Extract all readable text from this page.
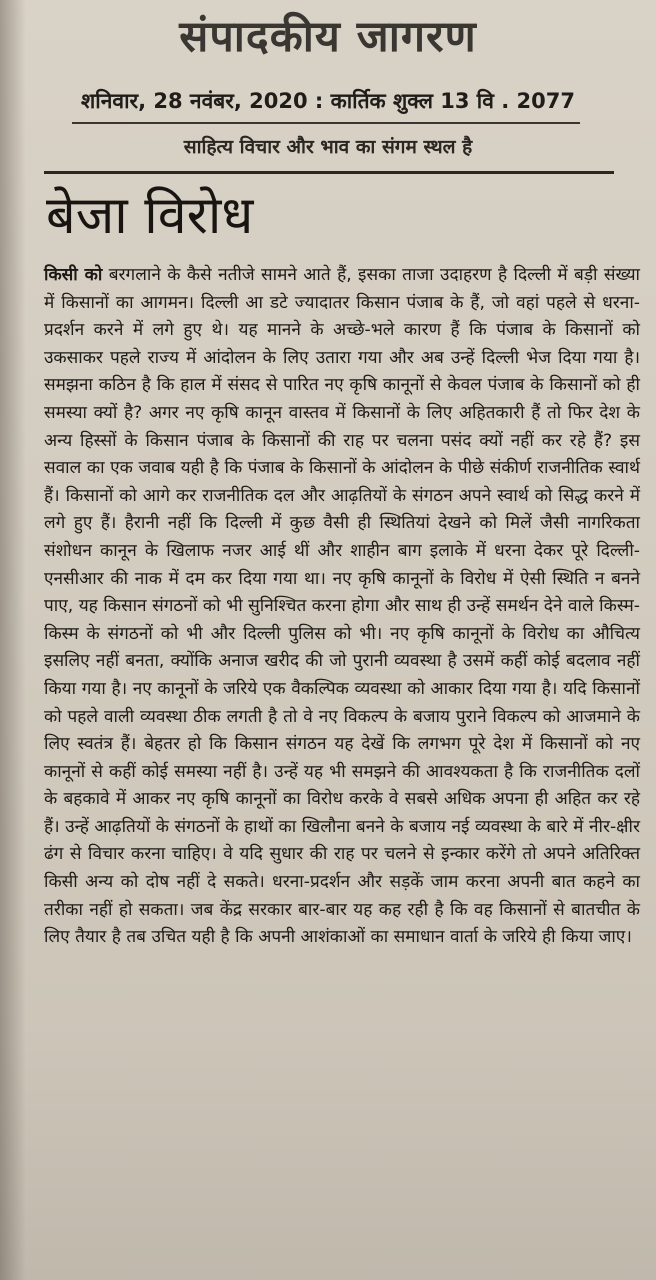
संपादकीय जागरण
शनिवार, 28 नवंबर, 2020 : कार्तिक शुक्ल 13 वि . 2077
साहित्य विचार और भाव का संगम स्थल है
बेजा विरोध
किसी को बरगलाने के कैसे नतीजे सामने आते हैं, इसका ताजा उदाहरण है दिल्ली में बड़ी संख्या में किसानों का आगमन। दिल्ली आ डटे ज्यादातर किसान पंजाब के हैं, जो वहां पहले से धरना-प्रदर्शन करने में लगे हुए थे। यह मानने के अच्छे-भले कारण हैं कि पंजाब के किसानों को उकसाकर पहले राज्य में आंदोलन के लिए उतारा गया और अब उन्हें दिल्ली भेज दिया गया है। समझना कठिन है कि हाल में संसद से पारित नए कृषि कानूनों से केवल पंजाब के किसानों को ही समस्या क्यों है? अगर नए कृषि कानून वास्तव में किसानों के लिए अहितकारी हैं तो फिर देश के अन्य हिस्सों के किसान पंजाब के किसानों की राह पर चलना पसंद क्यों नहीं कर रहे हैं? इस सवाल का एक जवाब यही है कि पंजाब के किसानों के आंदोलन के पीछे संकीर्ण राजनीतिक स्वार्थ हैं। किसानों को आगे कर राजनीतिक दल और आढ़तियों के संगठन अपने स्वार्थ को सिद्ध करने में लगे हुए हैं। हैरानी नहीं कि दिल्ली में कुछ वैसी ही स्थितियां देखने को मिलें जैसी नागरिकता संशोधन कानून के खिलाफ नजर आई थीं और शाहीन बाग इलाके में धरना देकर पूरे दिल्ली-एनसीआर की नाक में दम कर दिया गया था। नए कृषि कानूनों के विरोध में ऐसी स्थिति न बनने पाए, यह किसान संगठनों को भी सुनिश्चित करना होगा और साथ ही उन्हें समर्थन देने वाले किस्म-किस्म के संगठनों को भी और दिल्ली पुलिस को भी। नए कृषि कानूनों के विरोध का औचित्य इसलिए नहीं बनता, क्योंकि अनाज खरीद की जो पुरानी व्यवस्था है उसमें कहीं कोई बदलाव नहीं किया गया है। नए कानूनों के जरिये एक वैकल्पिक व्यवस्था को आकार दिया गया है। यदि किसानों को पहले वाली व्यवस्था ठीक लगती है तो वे नए विकल्प के बजाय पुराने विकल्प को आजमाने के लिए स्वतंत्र हैं। बेहतर हो कि किसान संगठन यह देखें कि लगभग पूरे देश में किसानों को नए कानूनों से कहीं कोई समस्या नहीं है। उन्हें यह भी समझने की आवश्यकता है कि राजनीतिक दलों के बहकावे में आकर नए कृषि कानूनों का विरोध करके वे सबसे अधिक अपना ही अहित कर रहे हैं। उन्हें आढ़तियों के संगठनों के हाथों का खिलौना बनने के बजाय नई व्यवस्था के बारे में नीर-क्षीर ढंग से विचार करना चाहिए। वे यदि सुधार की राह पर चलने से इन्कार करेंगे तो अपने अतिरिक्त किसी अन्य को दोष नहीं दे सकते। धरना-प्रदर्शन और सड़कें जाम करना अपनी बात कहने का तरीका नहीं हो सकता। जब केंद्र सरकार बार-बार यह कह रही है कि वह किसानों से बातचीत के लिए तैयार है तब उचित यही है कि अपनी आशंकाओं का समाधान वार्ता के जरिये ही किया जाए।
